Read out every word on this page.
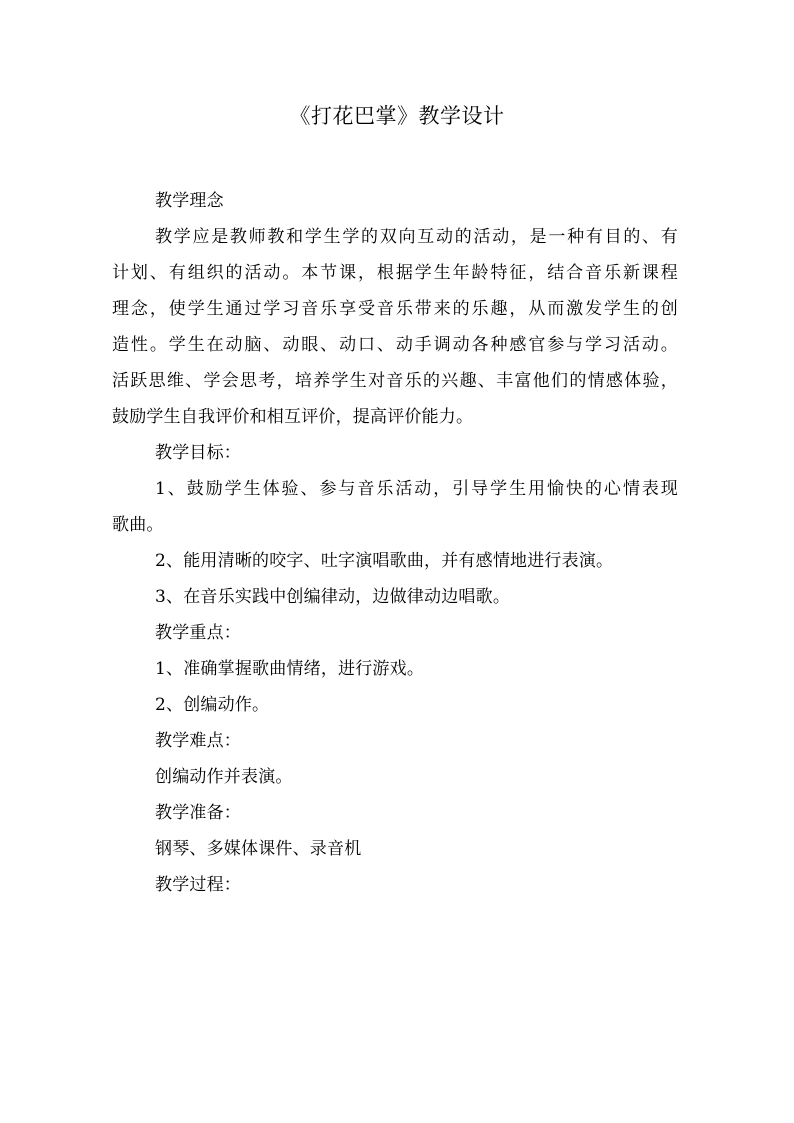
《打花巴掌》教学设计
教学理念
教学应是教师教和学生学的双向互动的活动，是一种有目的、有
计划、有组织的活动。本节课，根据学生年龄特征，结合音乐新课程
理念，使学生通过学习音乐享受音乐带来的乐趣，从而激发学生的创
造性。学生在动脑、动眼、动口、动手调动各种感官参与学习活动。
活跃思维、学会思考，培养学生对音乐的兴趣、丰富他们的情感体验，
鼓励学生自我评价和相互评价，提高评价能力。
教学目标：
1、鼓励学生体验、参与音乐活动，引导学生用愉快的心情表现
歌曲。
2、能用清晰的咬字、吐字演唱歌曲，并有感情地进行表演。
3、在音乐实践中创编律动，边做律动边唱歌。
教学重点：
1、准确掌握歌曲情绪，进行游戏。
2、创编动作。
教学难点：
创编动作并表演。
教学准备：
钢琴、多媒体课件、录音机
教学过程：
